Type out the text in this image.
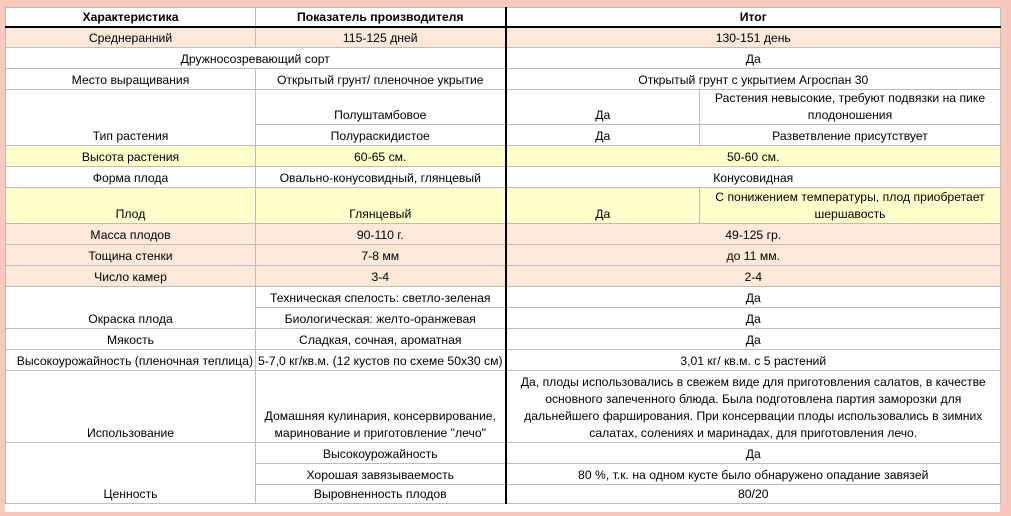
Характеристика	Показатель производителя	Итог	
Среднеранний	115-125 дней	130-151 день	
Дружносозревающий сорт		Да	
Место выращивания	Открытый грунт/ пленочное укрытие	Открытый грунт с укрытием Агроспан 30	
Тип растения	Полуштамбовое	Да	Растения невысокие, требуют подвязки на пике плодоношения
	Полураскидистое	Да	Разветвление присутствует
Высота растения	60-65 см.	50-60 см.	
Форма плода	Овально-конусовидный, глянцевый	Конусовидная	
Плод	Глянцевый	Да	С понижением температуры, плод приобретает шершавость
Масса плодов	90-110 г.	49-125 гр.	
Тощина стенки	7-8 мм	до 11 мм.	
Число камер	3-4	2-4	
Окраска плода	Техническая спелость: светло-зеленая	Да	
	Биологическая: желто-оранжевая	Да	
Мякость	Сладкая, сочная, ароматная	Да	
Высокоурожайность (пленочная теплица)	5-7,0 кг/кв.м. (12 кустов по схеме 50х30 см)	3,01 кг/ кв.м. с 5 растений	
Использование	Домашняя кулинария, консервирование, маринование и приготовление "лечо"	Да, плоды использовались в свежем виде для приготовления салатов, в качестве основного запеченного блюда. Была подготовлена партия заморозки для дальнейшего фарширования. При консервации плоды использовались в зимних салатах, солениях и маринадах, для приготовления лечо.	
Ценность	Высокоурожайность	Да	
	Хорошая завязываемость	80 %, т.к. на одном кусте было обнаружено опадание завязей	
	Выровненность плодов	80/20	
